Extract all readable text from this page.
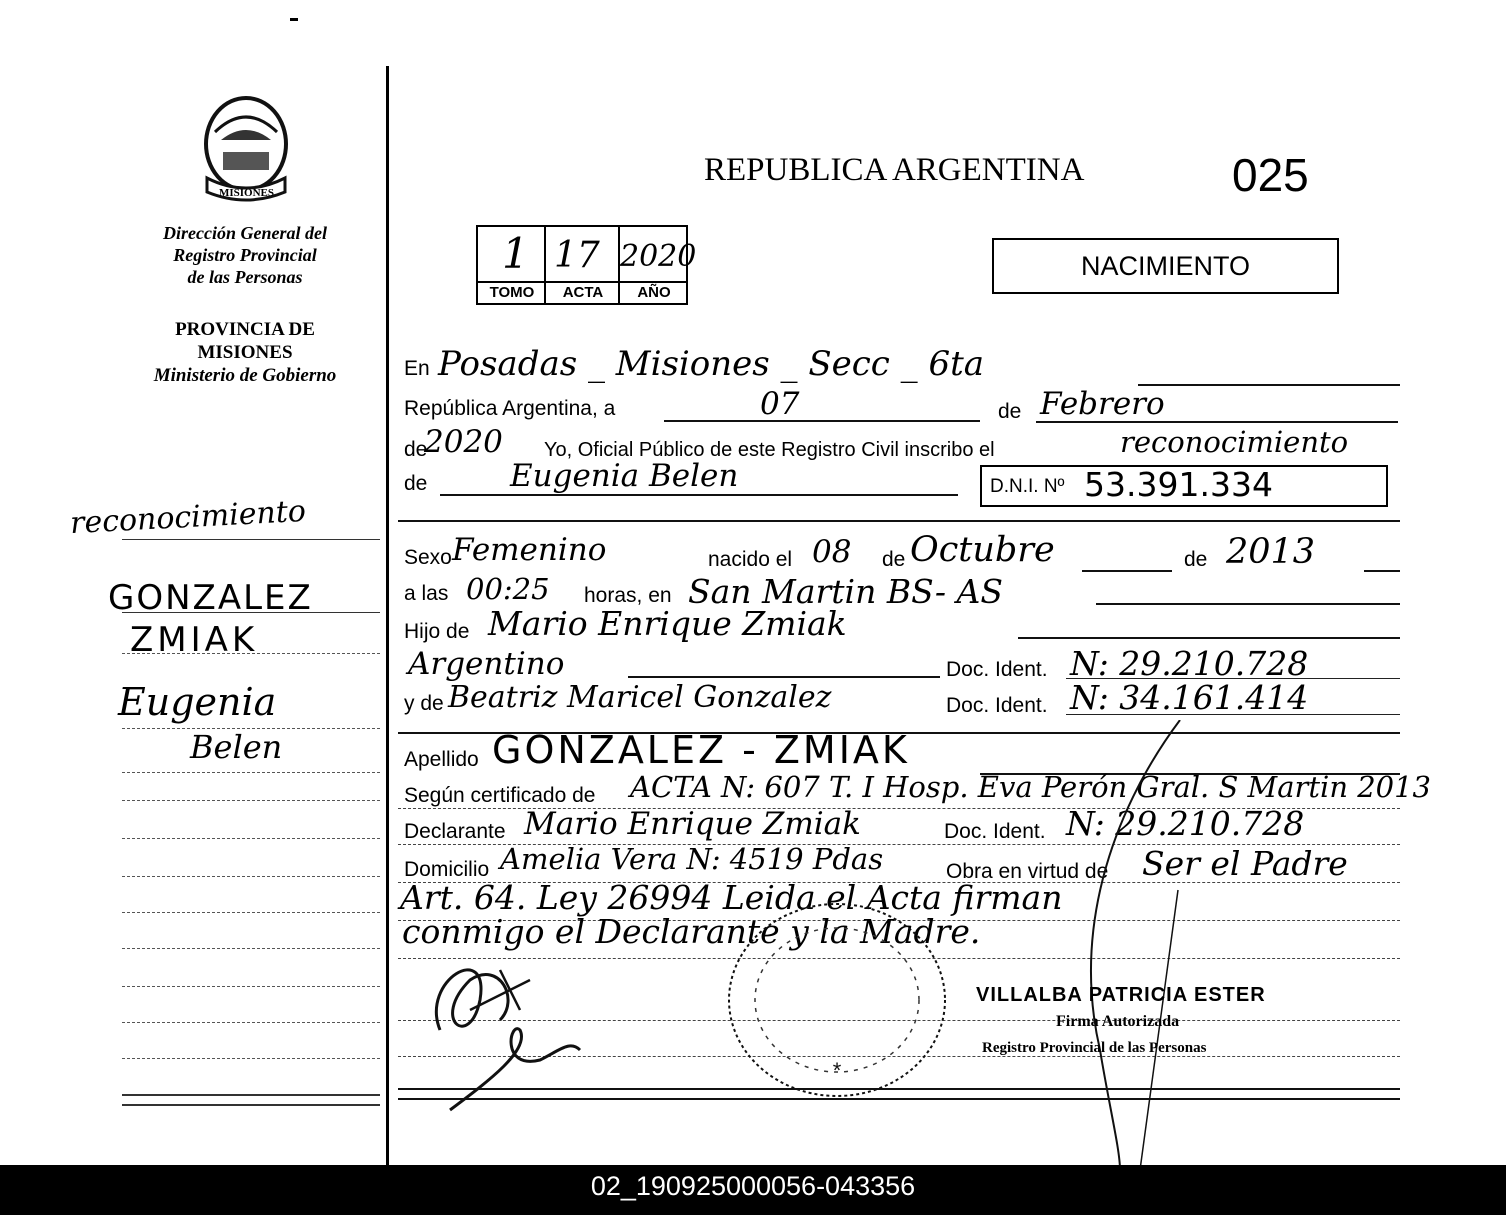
MISIONES
Dirección General del
Registro Provincial
de las Personas
PROVINCIA DE
MISIONES
Ministerio de Gobierno
reconocimiento
GONZALEZ
ZMIAK
Eugenia
Belen
REPUBLICA ARGENTINA	025
NACIMIENTO
1 17 2020
TOMO	ACTA	AÑO
En Posadas _ Misiones _ Secc _ 6ta
República Argentina, a	07	de Febrero
de
2020 Yo, Oficial Público de este Registro Civil inscribo el	reconocimiento
de	Eugenia Belen	D.N.I. Nº 53.391.334
Sexo Femenino	nacido el 08 de Octubre	de 2013
a las 00:25 horas, en San Martin BS- AS
Hijo de Mario Enrique Zmiak
Argentino	Doc. Ident. N: 29.210.728
y de Beatriz Maricel Gonzalez	Doc. Ident. N: 34.161.414
Apellido GONZALEZ - ZMIAK
Según certificado de ACTA N: 607 T. I Hosp. Eva Perón Gral. S Martin 2013
Declarante Mario Enrique Zmiak	Doc. Ident. N: 29.210.728
Domicilio Amelia Vera N: 4519 Pdas	Obra en virtud de Ser el Padre
Art. 64. Ley 26994 Leida el Acta firman
conmigo el Declarante y la Madre.
*
VILLALBA PATRICIA ESTER
Firma Autorizada
Registro Provincial de las Personas
02_190925000056-043356
